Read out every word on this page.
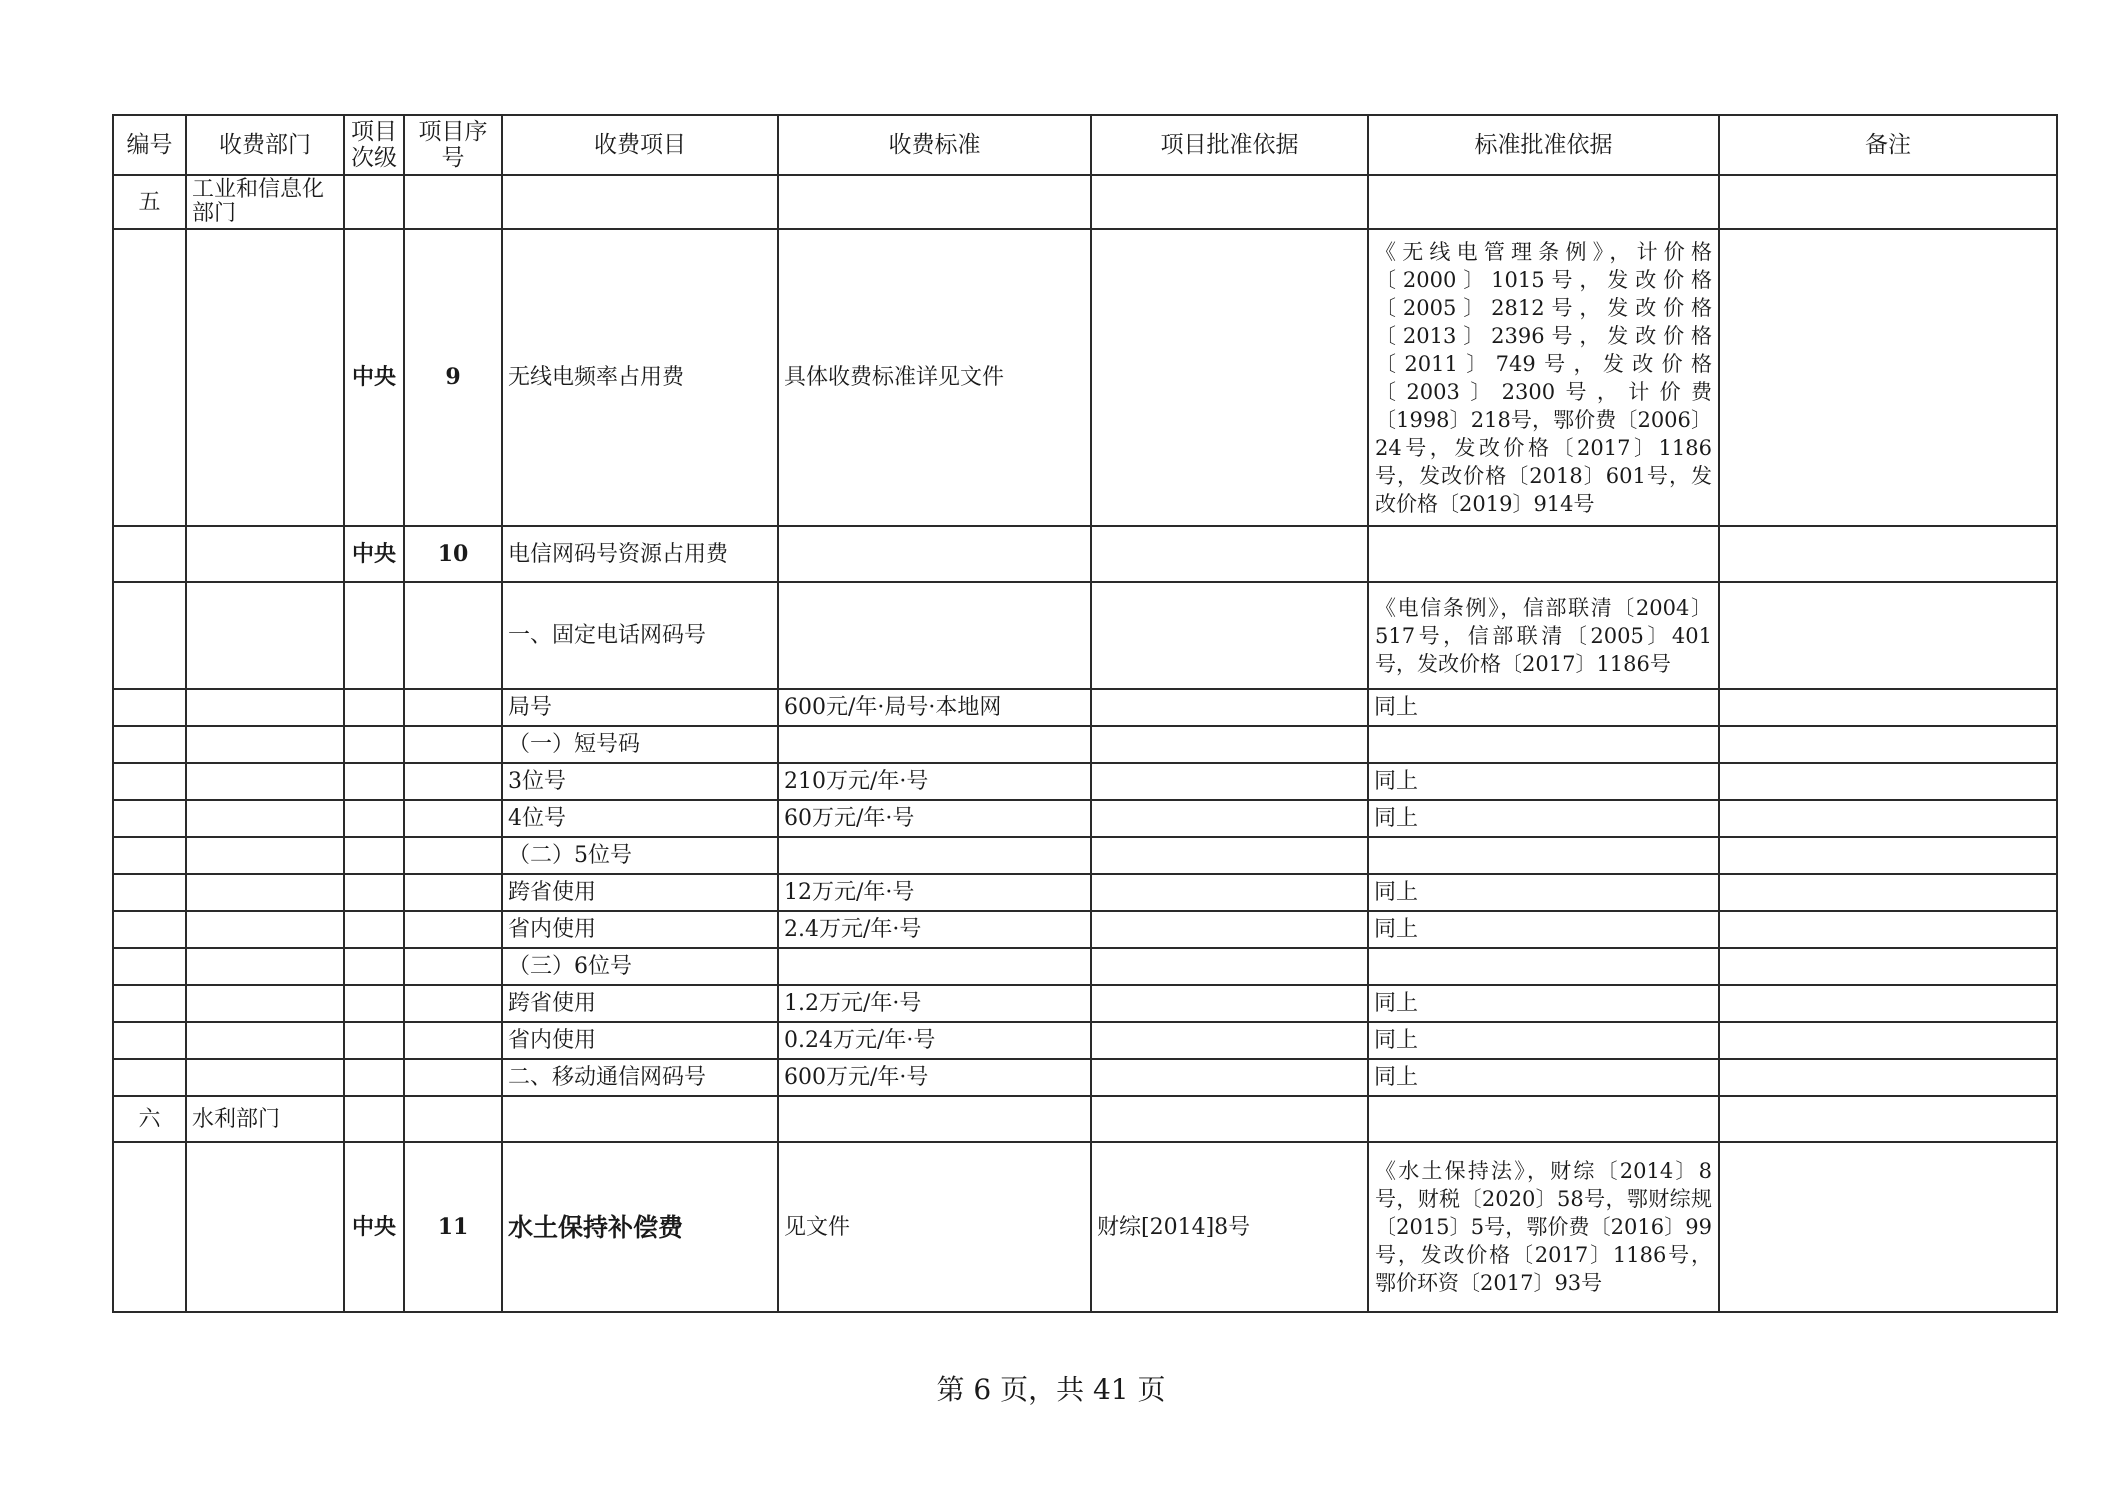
编号	收费部门	项目次级	项目序号	收费项目	收费标准	项目批准依据	标准批准依据	备注
五	工业和信息化部门							
		中央	9	无线电频率占用费	具体收费标准详见文件		《无线电管理条例》，计价格〔2000〕1015号，发改价格〔2005〕2812号，发改价格〔2013〕2396号，发改价格〔2011〕749号，发改价格〔2003〕2300号，计价费〔1998〕218号，鄂价费〔2006〕24号，发改价格〔2017〕1186号，发改价格〔2018〕601号，发改价格〔2019〕914号	
		中央	10	电信网码号资源占用费				
				一、固定电话网码号			《电信条例》，信部联清〔2004〕517号，信部联清〔2005〕401号，发改价格〔2017〕1186号	
				局号	600元/年·局号·本地网		同上	
				（一）短号码				
				3位号	210万元/年·号		同上	
				4位号	60万元/年·号		同上	
				（二）5位号				
				跨省使用	12万元/年·号		同上	
				省内使用	2.4万元/年·号		同上	
				（三）6位号				
				跨省使用	1.2万元/年·号		同上	
				省内使用	0.24万元/年·号		同上	
				二、移动通信网码号	600万元/年·号		同上	
六	水利部门							
		中央	11	水土保持补偿费	见文件	财综[2014]8号	《水土保持法》，财综〔2014〕8号，财税〔2020〕58号，鄂财综规〔2015〕5号，鄂价费〔2016〕99号，发改价格〔2017〕1186号，鄂价环资〔2017〕93号	
第 6 页，共 41 页
